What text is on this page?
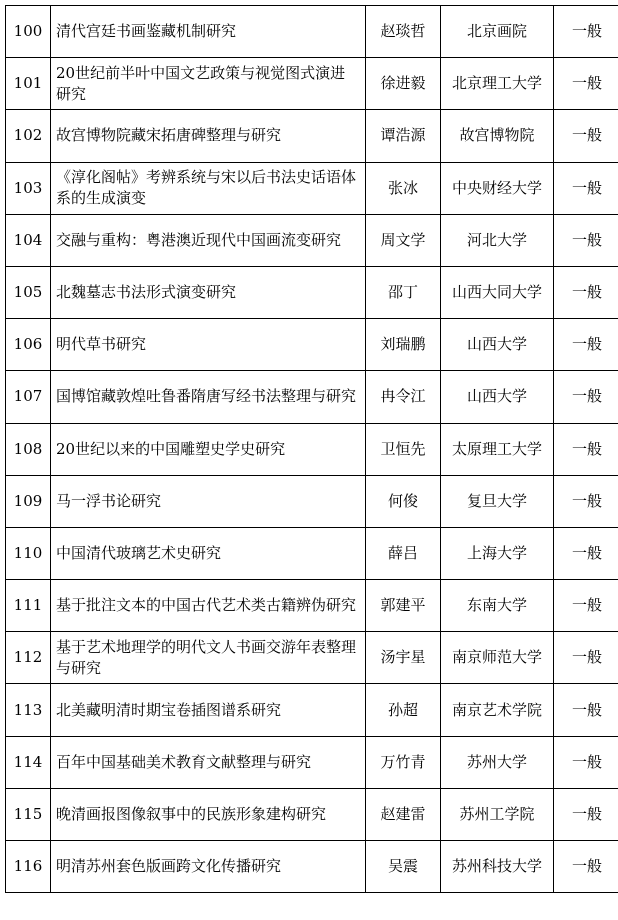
100	清代宫廷书画鉴藏机制研究	赵琰哲	北京画院	一般
101	20世纪前半叶中国文艺政策与视觉图式演进研究	徐进毅	北京理工大学	一般
102	故宫博物院藏宋拓唐碑整理与研究	谭浩源	故宫博物院	一般
103	《淳化阁帖》考辨系统与宋以后书法史话语体系的生成演变	张冰	中央财经大学	一般
104	交融与重构：粤港澳近现代中国画流变研究	周文学	河北大学	一般
105	北魏墓志书法形式演变研究	邵丁	山西大同大学	一般
106	明代草书研究	刘瑞鹏	山西大学	一般
107	国博馆藏敦煌吐鲁番隋唐写经书法整理与研究	冉令江	山西大学	一般
108	20世纪以来的中国雕塑史学史研究	卫恒先	太原理工大学	一般
109	马一浮书论研究	何俊	复旦大学	一般
110	中国清代玻璃艺术史研究	薛吕	上海大学	一般
111	基于批注文本的中国古代艺术类古籍辨伪研究	郭建平	东南大学	一般
112	基于艺术地理学的明代文人书画交游年表整理与研究	汤宇星	南京师范大学	一般
113	北美藏明清时期宝卷插图谱系研究	孙超	南京艺术学院	一般
114	百年中国基础美术教育文献整理与研究	万竹青	苏州大学	一般
115	晚清画报图像叙事中的民族形象建构研究	赵建雷	苏州工学院	一般
116	明清苏州套色版画跨文化传播研究	吴震	苏州科技大学	一般
